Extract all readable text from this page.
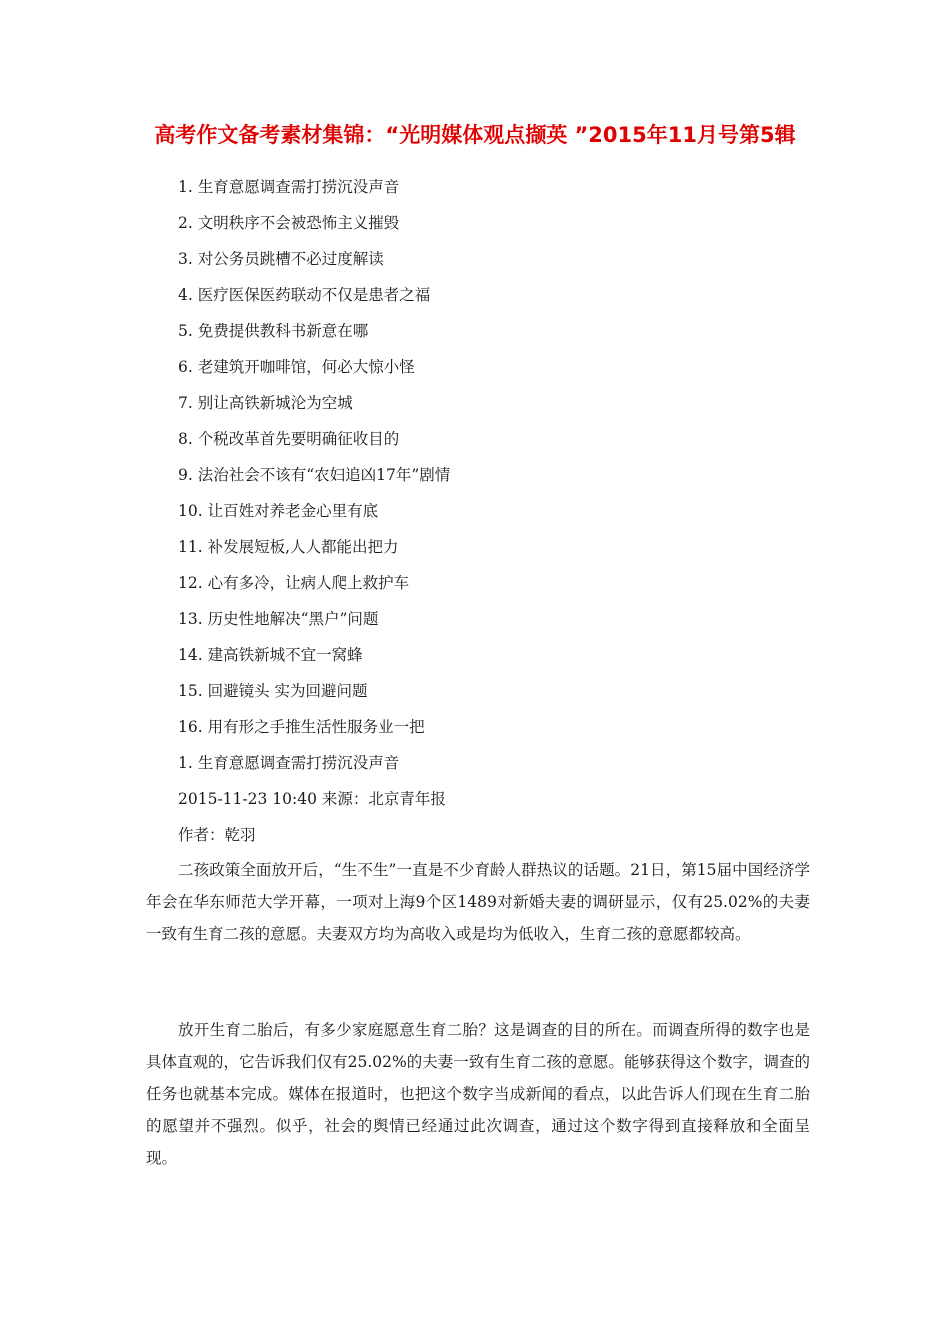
高考作文备考素材集锦：“光明媒体观点撷英 ”2015年11月号第5辑
1. 生育意愿调查需打捞沉没声音
2. 文明秩序不会被恐怖主义摧毁
3. 对公务员跳槽不必过度解读
4. 医疗医保医药联动不仅是患者之福
5. 免费提供教科书新意在哪
6. 老建筑开咖啡馆，何必大惊小怪
7. 别让高铁新城沦为空城
8. 个税改革首先要明确征收目的
9. 法治社会不该有“农妇追凶17年”剧情
10. 让百姓对养老金心里有底
11. 补发展短板,人人都能出把力
12. 心有多冷，让病人爬上救护车
13. 历史性地解决“黑户”问题
14. 建高铁新城不宜一窝蜂
15. 回避镜头 实为回避问题
16. 用有形之手推生活性服务业一把
1. 生育意愿调查需打捞沉没声音
2015-11-23 10:40 来源：北京青年报
作者：乾羽

二孩政策全面放开后，“生不生”一直是不少育龄人群热议的话题。21日，第15届中国经济学年会在华东师范大学开幕，一项对上海9个区1489对新婚夫妻的调研显示，仅有25.02%的夫妻一致有生育二孩的意愿。夫妻双方均为高收入或是均为低收入，生育二孩的意愿都较高。

放开生育二胎后，有多少家庭愿意生育二胎？这是调查的目的所在。而调查所得的数字也是具体直观的，它告诉我们仅有25.02%的夫妻一致有生育二孩的意愿。能够获得这个数字，调查的任务也就基本完成。媒体在报道时，也把这个数字当成新闻的看点，以此告诉人们现在生育二胎的愿望并不强烈。似乎，社会的舆情已经通过此次调查，通过这个数字得到直接释放和全面呈现。
